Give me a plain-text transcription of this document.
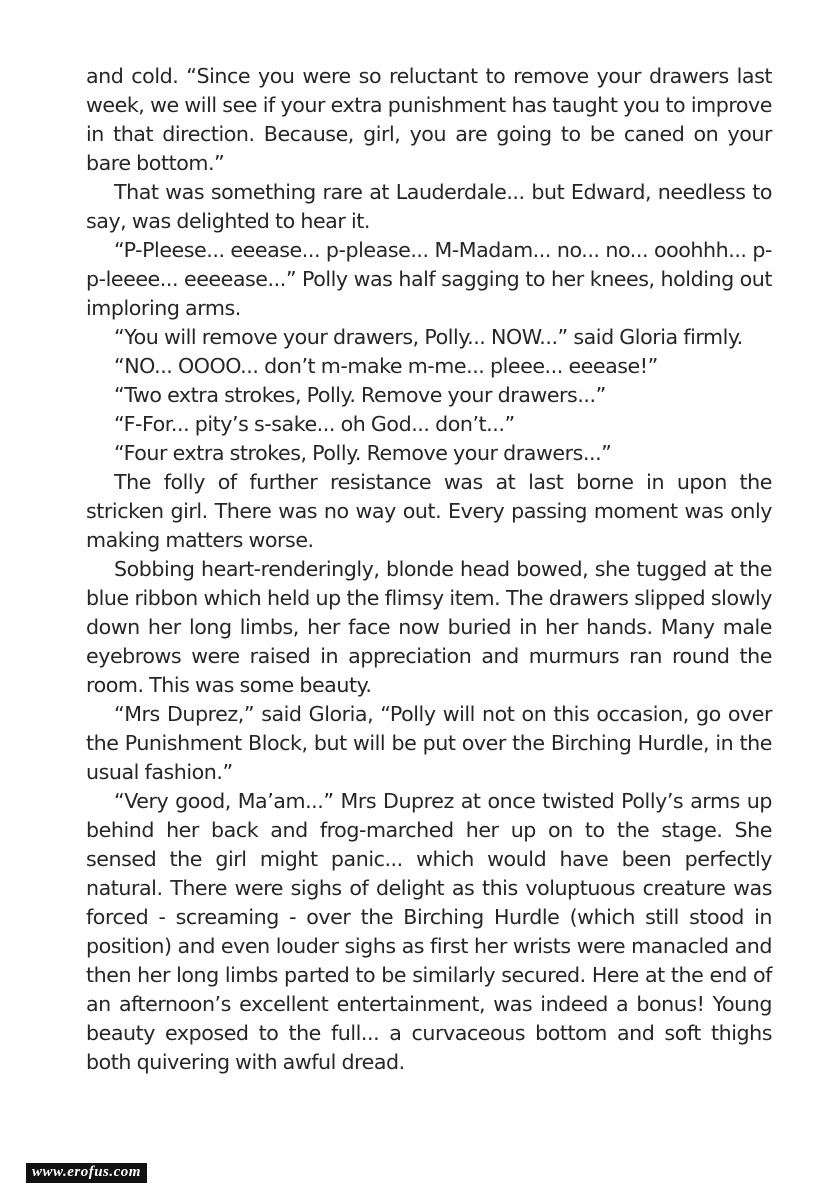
and cold. “Since you were so reluctant to remove your drawers last week, we will see if your extra punishment has taught you to improve in that direction. Because, girl, you are going to be caned on your bare bottom.”

That was something rare at Lauderdale... but Edward, needless to say, was delighted to hear it.

“P-Pleese... eeease... p-please... M-Madam... no... no... ooohhh... p-p-leeee... eeeease...” Polly was half sagging to her knees, holding out imploring arms.

“You will remove your drawers, Polly... NOW...” said Gloria firmly.

“NO... OOOO... don’t m-make m-me... pleee... eeease!”

“Two extra strokes, Polly. Remove your drawers...”

“F-For... pity’s s-sake... oh God... don’t...”

“Four extra strokes, Polly. Remove your drawers...”

The folly of further resistance was at last borne in upon the stricken girl. There was no way out. Every passing moment was only making matters worse.

Sobbing heart-renderingly, blonde head bowed, she tugged at the blue ribbon which held up the flimsy item. The drawers slipped slowly down her long limbs, her face now buried in her hands. Many male eyebrows were raised in appreciation and murmurs ran round the room. This was some beauty.

“Mrs Duprez,” said Gloria, “Polly will not on this occasion, go over the Punishment Block, but will be put over the Birching Hurdle, in the usual fashion.”

“Very good, Ma’am...” Mrs Duprez at once twisted Polly’s arms up behind her back and frog-marched her up on to the stage. She sensed the girl might panic... which would have been perfectly natural. There were sighs of delight as this voluptuous creature was forced - screaming - over the Birching Hurdle (which still stood in position) and even louder sighs as first her wrists were manacled and then her long limbs parted to be similarly secured. Here at the end of an afternoon’s excellent entertainment, was indeed a bonus! Young beauty exposed to the full... a curvaceous bottom and soft thighs both quivering with awful dread.

www.erofus.com
